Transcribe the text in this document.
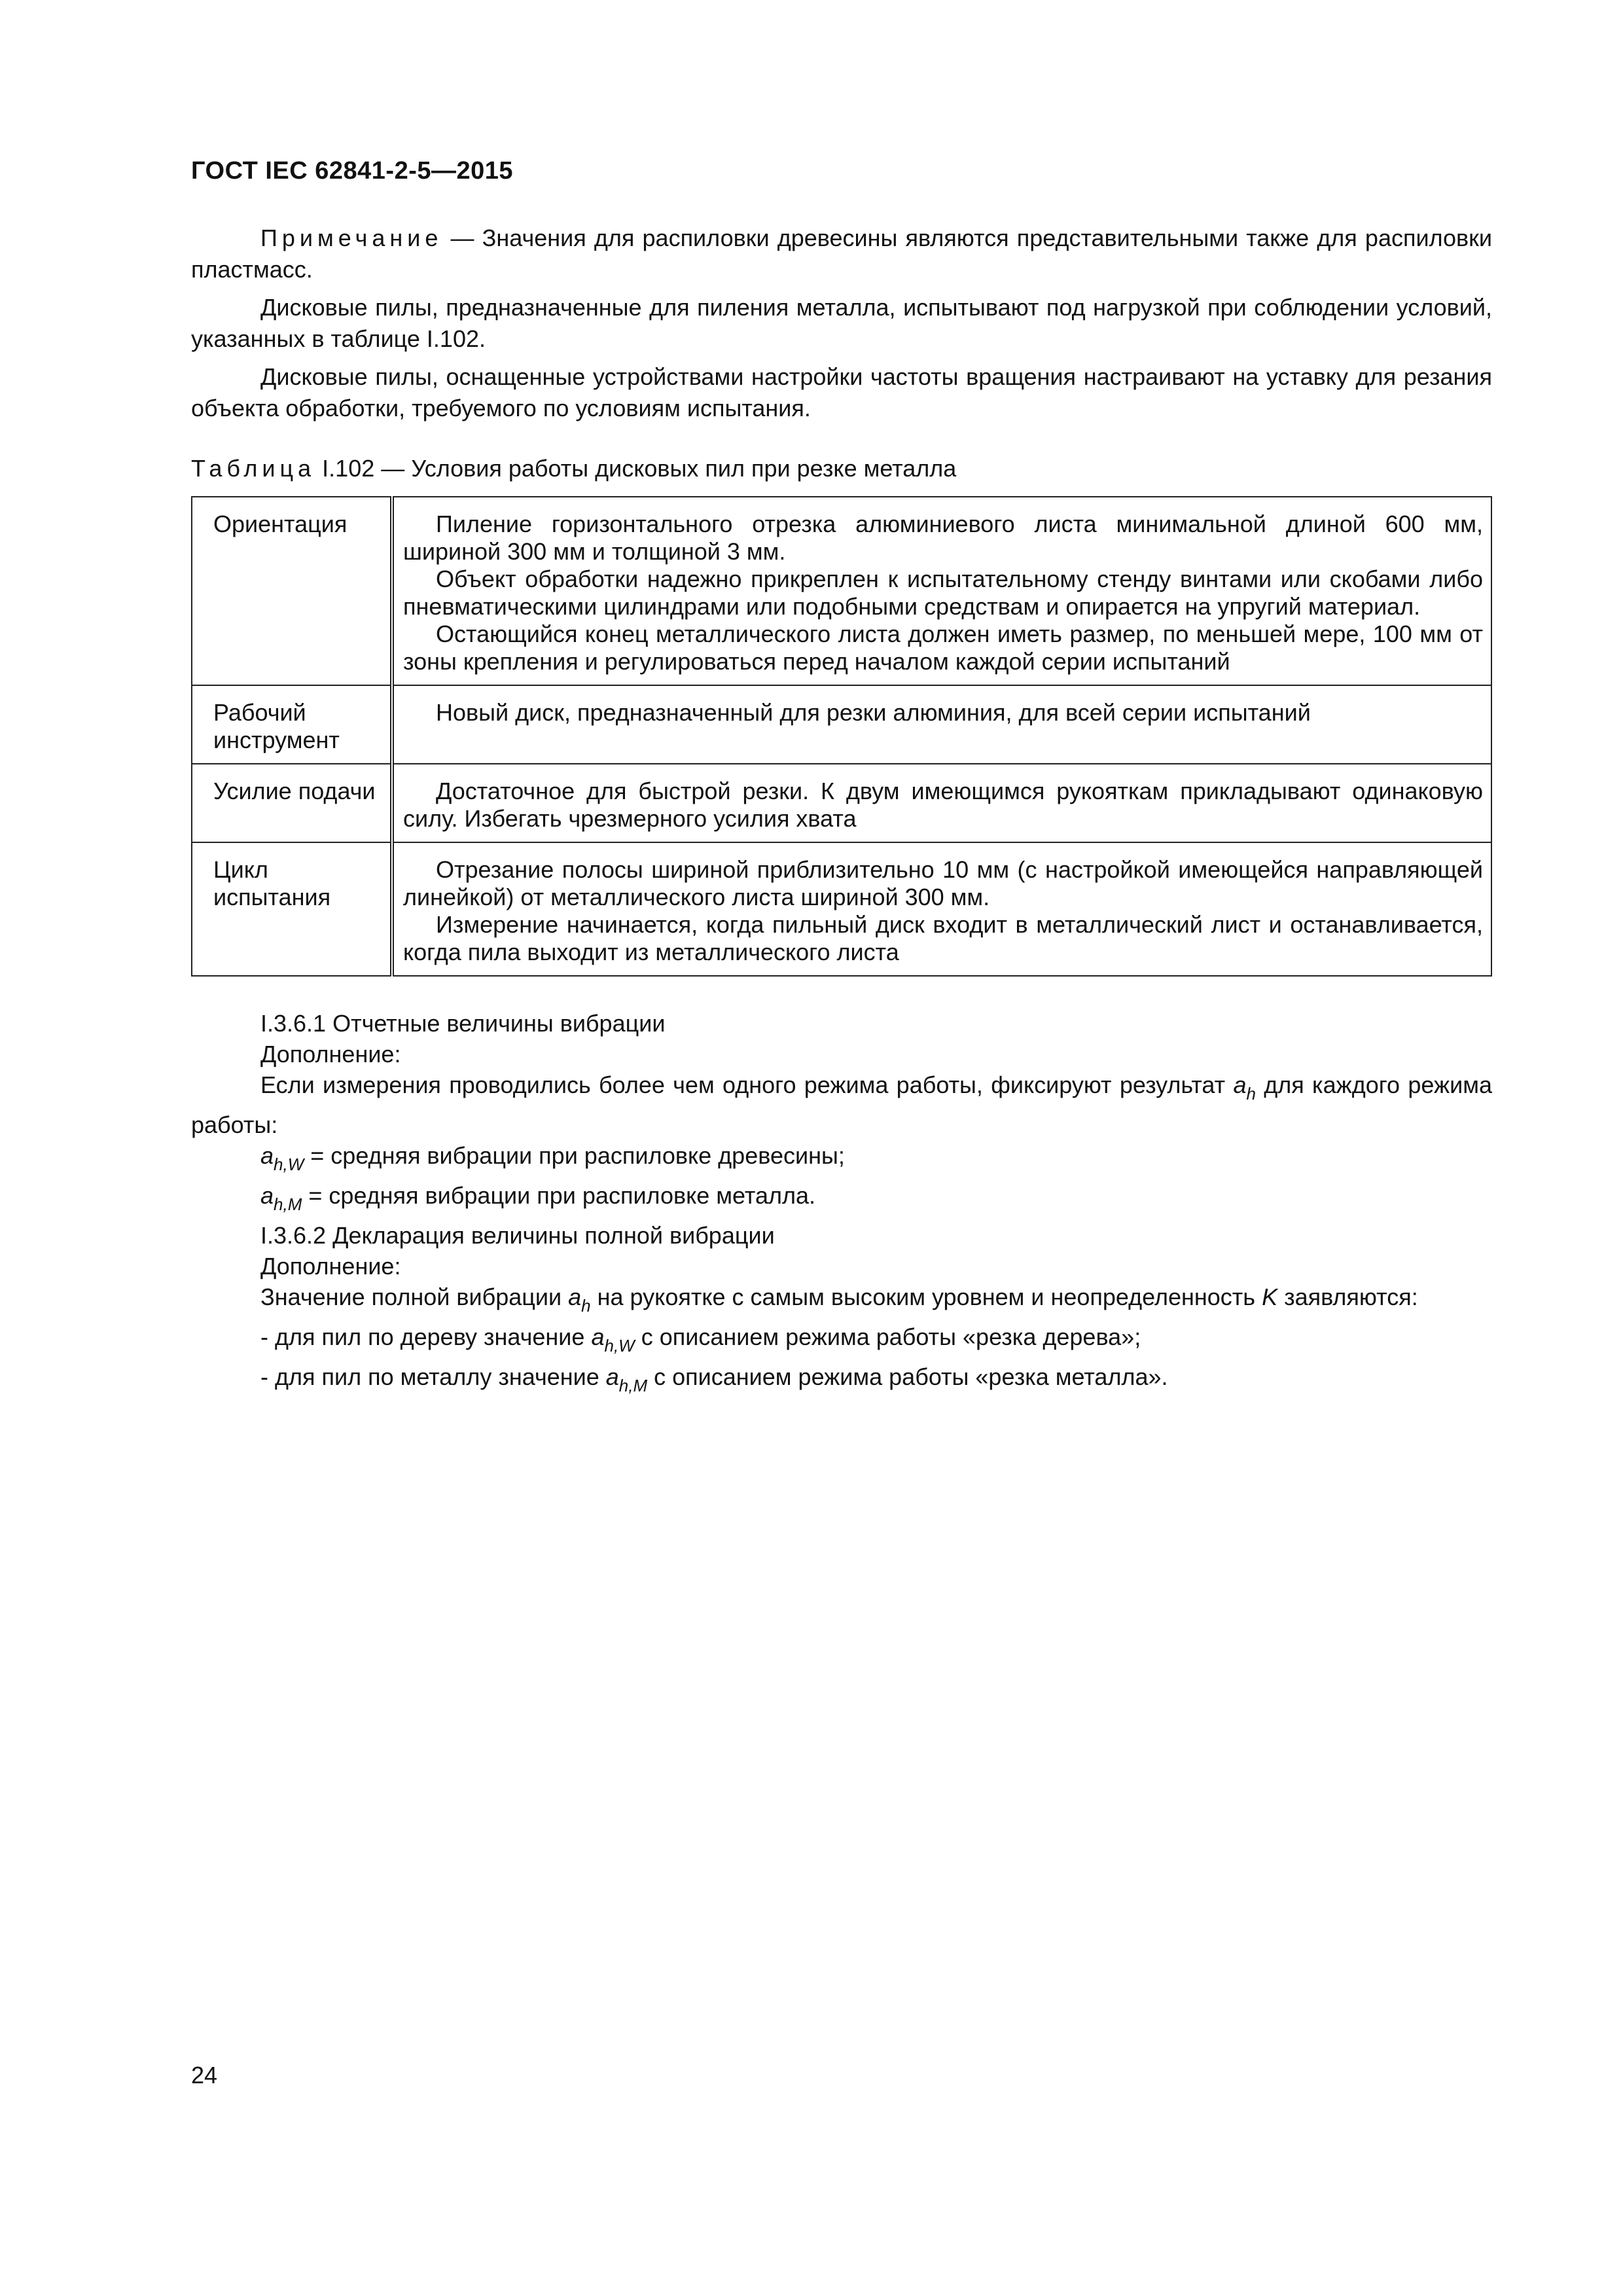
ГОСТ IEC 62841-2-5—2015

Примечание — Значения для распиловки древесины являются представительными также для распиловки пластмасс.

Дисковые пилы, предназначенные для пиления металла, испытывают под нагрузкой при соблюдении условий, указанных в таблице I.102.

Дисковые пилы, оснащенные устройствами настройки частоты вращения настраивают на уставку для резания объекта обработки, требуемого по условиям испытания.

Таблица I.102 — Условия работы дисковых пил при резке металла
Ориентация	Пиление горизонтального отрезка алюминиевого листа минимальной длиной 600 мм, шириной 300 мм и толщиной 3 мм.

Объект обработки надежно прикреплен к испытательному стенду винтами или скобами либо пневматическими цилиндрами или подобными средствам и опирается на упругий материал.

Остающийся конец металлического листа должен иметь размер, по меньшей мере, 100 мм от зоны крепления и регулироваться перед началом каждой серии испытаний

Рабочий инструмент	Новый диск, предназначенный для резки алюминия, для всей серии испытаний

Усилие подачи	Достаточное для быстрой резки. К двум имеющимся рукояткам прикладывают одинаковую силу. Избегать чрезмерного усилия хвата

Цикл испытания	Отрезание полосы шириной приблизительно 10 мм (с настройкой имеющейся направляющей линейкой) от металлического листа шириной 300 мм.

Измерение начинается, когда пильный диск входит в металлический лист и останавливается, когда пила выходит из металлического листа

I.3.6.1 Отчетные величины вибрации

Дополнение:

Если измерения проводились более чем одного режима работы, фиксируют результат $a_h$ для каждого режима работы:

$a_{h,W}$ = средняя вибрации при распиловке древесины;

$a_{h,M}$ = средняя вибрации при распиловке металла.

I.3.6.2 Декларация величины полной вибрации

Дополнение:

Значение полной вибрации $a_h$ на рукоятке с самым высоким уровнем и неопределенность K заявляются:

- для пил по дереву значение $a_{h,W}$ с описанием режима работы «резка дерева»;

- для пил по металлу значение $a_{h,M}$ с описанием режима работы «резка металла».

24
